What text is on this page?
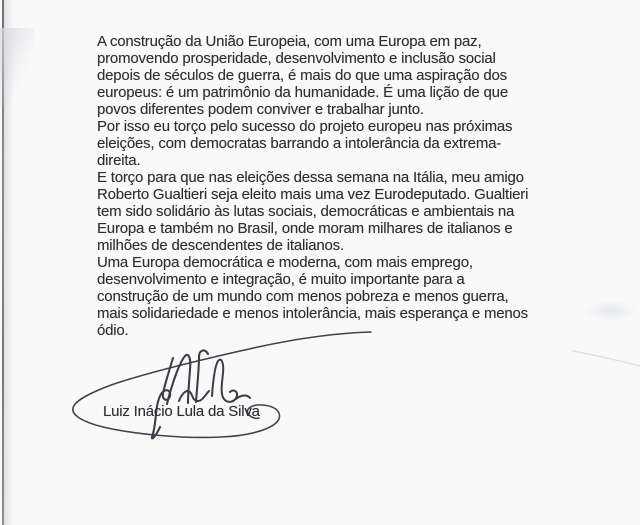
A construção da União Europeia, com uma Europa em paz,
promovendo prosperidade, desenvolvimento e inclusão social
depois de séculos de guerra, é mais do que uma aspiração dos
europeus: é um patrimônio da humanidade. É uma lição de que
povos diferentes podem conviver e trabalhar junto.
Por isso eu torço pelo sucesso do projeto europeu nas próximas
eleições, com democratas barrando a intolerância da extrema-
direita.
E torço para que nas eleições dessa semana na Itália, meu amigo
Roberto Gualtieri seja eleito mais uma vez Eurodeputado. Gualtieri
tem sido solidário às lutas sociais, democráticas e ambientais na
Europa e também no Brasil, onde moram milhares de italianos e
milhões de descendentes de italianos.
Uma Europa democrática e moderna, com mais emprego,
desenvolvimento e integração, é muito importante para a
construção de um mundo com menos pobreza e menos guerra,
mais solidariedade e menos intolerância, mais esperança e menos
ódio.
Luiz Inácio Lula da Silva
